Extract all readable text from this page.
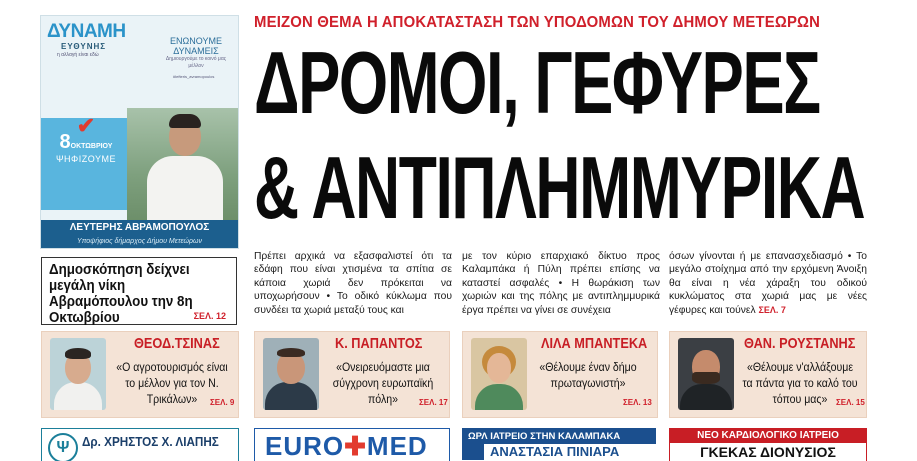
ΔΥΝΑΜΗ
ΕΥΘΥΝΗΣ
η αλλαγή είναι εδώ
ΕΝΩΝΟΥΜΕ ΔΥΝΑΜΕΙΣ
Δημιουργούμε το κοινό μας μέλλον
#lefteris_avramopoulos
✔
8ΟΚΤΩΒΡΙΟΥ
ΨΗΦΙΖΟΥΜΕ
ΛΕΥΤΕΡΗΣ ΑΒΡΑΜΟΠΟΥΛΟΣ
Υποψήφιος δήμαρχος Δήμου Μετεώρων
ΜΕΙΖΟΝ ΘΕΜΑ Η ΑΠΟΚΑΤΑΣΤΑΣΗ ΤΩΝ ΥΠΟΔΟΜΩΝ ΤΟΥ ΔΗΜΟΥ ΜΕΤΕΩΡΩΝ
ΔΡΟΜΟΙ, ΓΕΦΥΡΕΣ
& ΑΝΤΙΠΛΗΜΜΥΡΙΚΑ
Πρέπει αρχικά να εξασφαλιστεί ότι τα εδάφη που είναι χτισμένα τα σπίτια σε κάποια χωριά δεν πρόκειται να υποχωρήσουν • Το οδικό κύκλωμα που συνδέει τα χωριά μεταξύ τους και
με τον κύριο επαρχιακό δίκτυο προς Καλαμπάκα ή Πύλη πρέπει επίσης να καταστεί ασφαλές • Η θωράκιση των χωριών και της πόλης με αντιπλημμυρικά έργα πρέπει να γίνει σε συνέχεια
όσων γίνονται ή με επανασχεδιασμό • Το μεγάλο στοίχημα από την ερχόμενη Άνοιξη θα είναι η νέα χάραξη του οδικού κυκλώματος στα χωριά μας με νέες γέφυρες και τούνελ ΣΕΛ. 7
Δημοσκόπηση δείχνει μεγάλη νίκη Αβραμόπουλου την 8η Οκτωβρίου	ΣΕΛ. 12
ΘΕΟΔ.ΤΣΙΝΑΣ
«Ο αγροτουρισμός είναι το μέλλον για τον Ν. Τρικάλων»	ΣΕΛ. 9
Κ. ΠΑΠΑΝΤΟΣ
«Ονειρευόμαστε μια σύγχρονη ευρωπαϊκή πόλη»	ΣΕΛ. 17
ΛΙΛΑ ΜΠΑΝΤΕΚΑ
«Θέλουμε έναν δήμο πρωταγωνιστή»
ΣΕΛ. 13
ΘΑΝ. ΡΟΥΣΤΑΝΗΣ
«Θέλουμε ν'αλλάξουμε τα πάντα για το καλό του τόπου μας»	ΣΕΛ. 15
Ψ Δρ. ΧΡΗΣΤΟΣ Χ. ΛΙΑΠΗΣ EURO✚MED	ΩΡΛ ΙΑΤΡΕΙΟ ΣΤΗΝ ΚΑΛΑΜΠΑΚΑ
ΑΝΑΣΤΑΣΙΑ ΠΙΝΙΑΡΑ
ΝΕΟ ΚΑΡΔΙΟΛΟΓΙΚΟ ΙΑΤΡΕΙΟ
ΓΚΕΚΑΣ ΔΙΟΝΥΣΙΟΣ
